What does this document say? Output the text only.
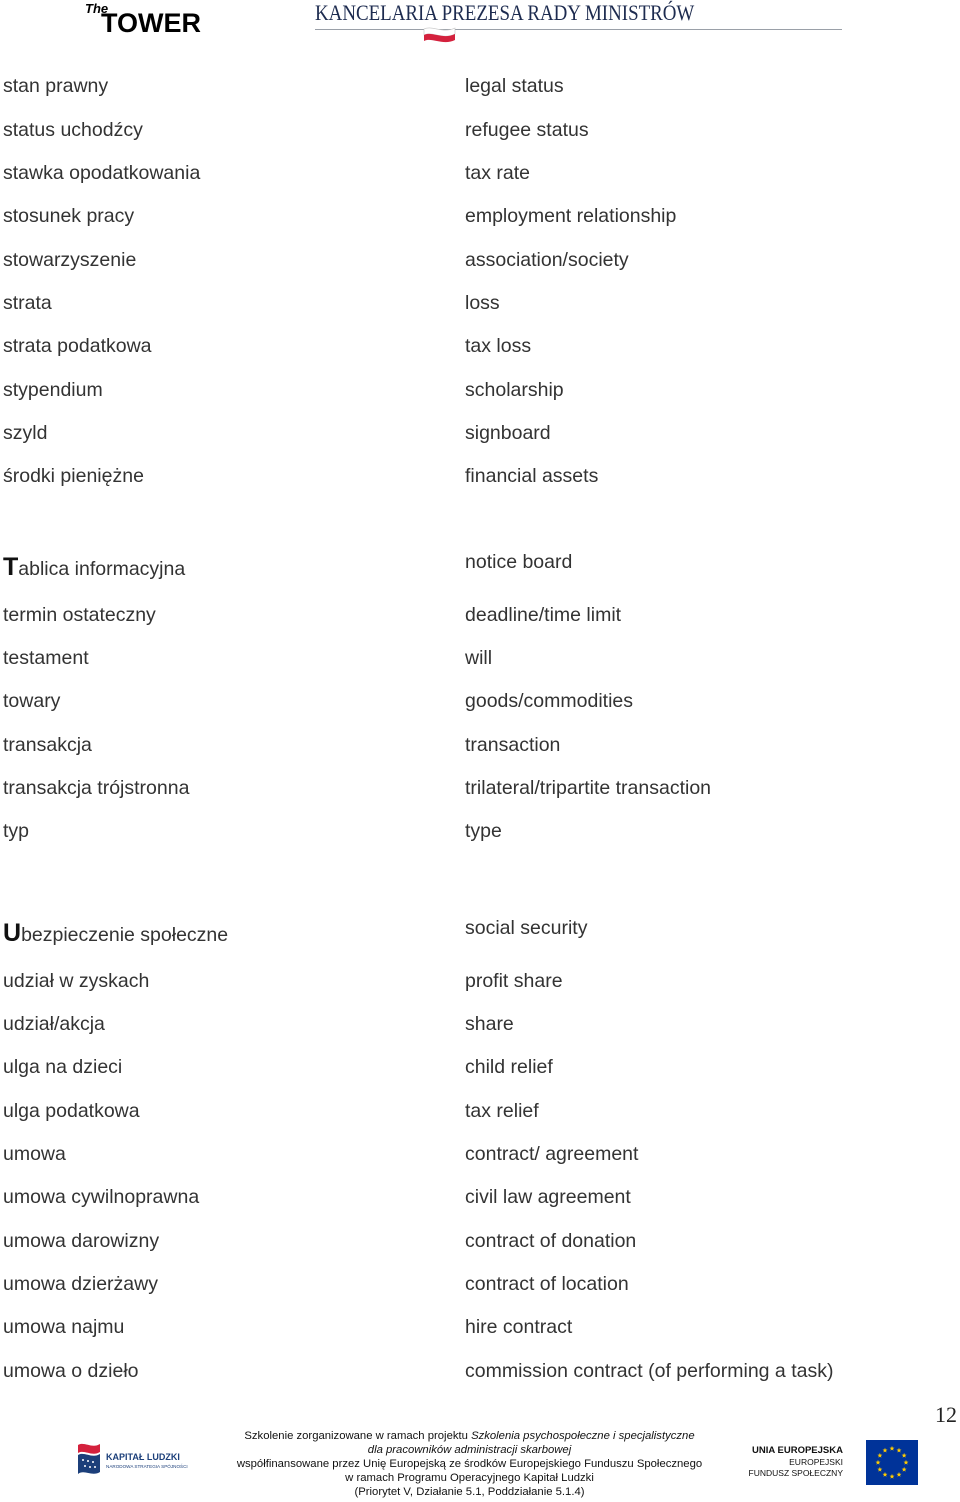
The
TOWER	KANCELARIA PREZESA RADY MINISTRÓW
stan prawny	legal status
status uchodźcy	refugee status
stawka opodatkowania	tax rate
stosunek pracy	employment relationship
stowarzyszenie	association/society
strata	loss
strata podatkowa	tax loss
stypendium	scholarship
szyld	signboard
środki pieniężne	financial assets
Tablica informacyjna	notice board
termin ostateczny	deadline/time limit
testament	will
towary	goods/commodities
transakcja	transaction
transakcja trójstronna	trilateral/tripartite transaction
typ	type
Ubezpieczenie społeczne	social security
udział w zyskach	profit share
udział/akcja	share
ulga na dzieci	child relief
ulga podatkowa	tax relief
umowa	contract/ agreement
umowa cywilnoprawna	civil law agreement
umowa darowizny	contract of donation
umowa dzierżawy	contract of location
umowa najmu	hire contract
umowa o dzieło	commission contract (of performing a task)
12
KAPITAŁ LUDZKI
NARODOWA STRATEGIA SPÓJNOŚCI
Szkolenie zorganizowane w ramach projektu Szkolenia psychospołeczne i specjalistyczne
dla pracowników administracji skarbowej
współfinansowane przez Unię Europejską ze środków Europejskiego Funduszu Społecznego
w ramach Programu Operacyjnego Kapitał Ludzki
(Priorytet V, Działanie 5.1, Poddziałanie 5.1.4)
UNIA EUROPEJSKA
EUROPEJSKI
FUNDUSZ SPOŁECZNY
